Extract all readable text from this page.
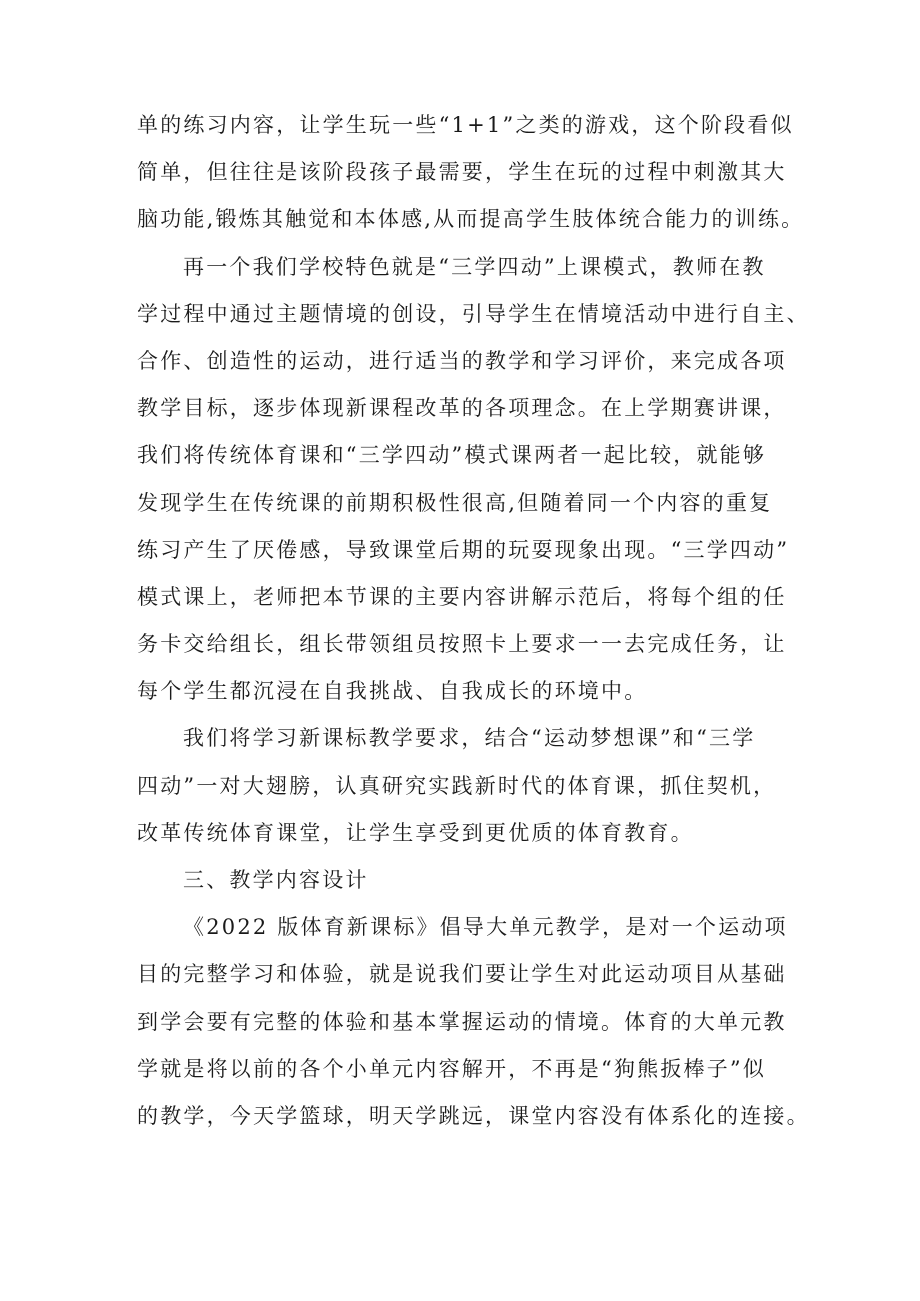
单的练习内容，让学生玩一些“1+1”之类的游戏，这个阶段看似
简单，但往往是该阶段孩子最需要，学生在玩的过程中刺激其大
脑功能,锻炼其触觉和本体感,从而提高学生肢体统合能力的训练。
再一个我们学校特色就是“三学四动”上课模式，教师在教
学过程中通过主题情境的创设，引导学生在情境活动中进行自主、
合作、创造性的运动，进行适当的教学和学习评价，来完成各项
教学目标，逐步体现新课程改革的各项理念。在上学期赛讲课，
我们将传统体育课和“三学四动”模式课两者一起比较，就能够
发现学生在传统课的前期积极性很高,但随着同一个内容的重复
练习产生了厌倦感，导致课堂后期的玩耍现象出现。“三学四动”
模式课上，老师把本节课的主要内容讲解示范后，将每个组的任
务卡交给组长，组长带领组员按照卡上要求一一去完成任务，让
每个学生都沉浸在自我挑战、自我成长的环境中。
我们将学习新课标教学要求，结合“运动梦想课”和“三学
四动”一对大翅膀，认真研究实践新时代的体育课，抓住契机，
改革传统体育课堂，让学生享受到更优质的体育教育。
三、教学内容设计
《2022 版体育新课标》倡导大单元教学，是对一个运动项
目的完整学习和体验，就是说我们要让学生对此运动项目从基础
到学会要有完整的体验和基本掌握运动的情境。体育的大单元教
学就是将以前的各个小单元内容解开，不再是“狗熊扳棒子”似
的教学，今天学篮球，明天学跳远，课堂内容没有体系化的连接。
